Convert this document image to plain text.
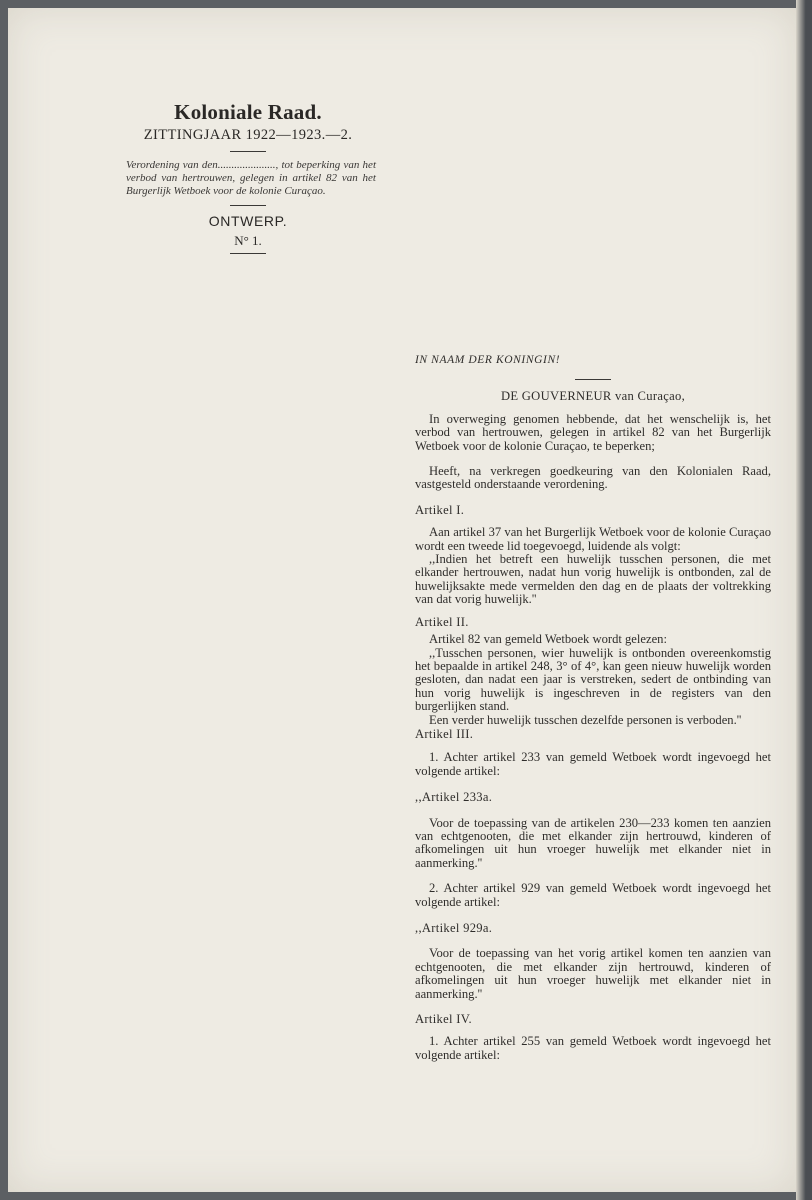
Koloniale Raad.
ZITTINGJAAR 1922—1923.—2.
Verordening van den....................., tot beperking van het verbod van hertrouwen, gelegen in artikel 82 van het Burgerlijk Wetboek voor de kolonie Curaçao.
ONTWERP.
N° 1.

IN NAAM DER KONINGIN!

DE GOUVERNEUR van Curaçao,

In overweging genomen hebbende, dat het wenschelijk is, het verbod van hertrouwen, gelegen in artikel 82 van het Burgerlijk Wetboek voor de kolonie Curaçao, te beperken;

Heeft, na verkregen goedkeuring van den Kolonialen Raad, vastgesteld onderstaande verordening.

Artikel I.

Aan artikel 37 van het Burgerlijk Wetboek voor de kolonie Curaçao wordt een tweede lid toegevoegd, luidende als volgt:

,,Indien het betreft een huwelijk tusschen personen, die met elkander hertrouwen, nadat hun vorig huwelijk is ontbonden, zal de huwelijksakte mede vermelden den dag en de plaats der voltrekking van dat vorig huwelijk.''

Artikel II.

Artikel 82 van gemeld Wetboek wordt gelezen:

,,Tusschen personen, wier huwelijk is ontbonden overeenkomstig het bepaalde in artikel 248, 3° of 4°, kan geen nieuw huwelijk worden gesloten, dan nadat een jaar is verstreken, sedert de ontbinding van hun vorig huwelijk is ingeschreven in de registers van den burgerlijken stand.

Een verder huwelijk tusschen dezelfde personen is verboden.''

Artikel III.

1. Achter artikel 233 van gemeld Wetboek wordt ingevoegd het volgende artikel:

,,Artikel 233a.

Voor de toepassing van de artikelen 230—233 komen ten aanzien van echtgenooten, die met elkander zijn hertrouwd, kinderen of afkomelingen uit hun vroeger huwelijk met elkander niet in aanmerking.''

2. Achter artikel 929 van gemeld Wetboek wordt ingevoegd het volgende artikel:

,,Artikel 929a.

Voor de toepassing van het vorig artikel komen ten aanzien van echtgenooten, die met elkander zijn hertrouwd, kinderen of afkomelingen uit hun vroeger huwelijk met elkander niet in aanmerking.''

Artikel IV.

1. Achter artikel 255 van gemeld Wetboek wordt ingevoegd het volgende artikel:
